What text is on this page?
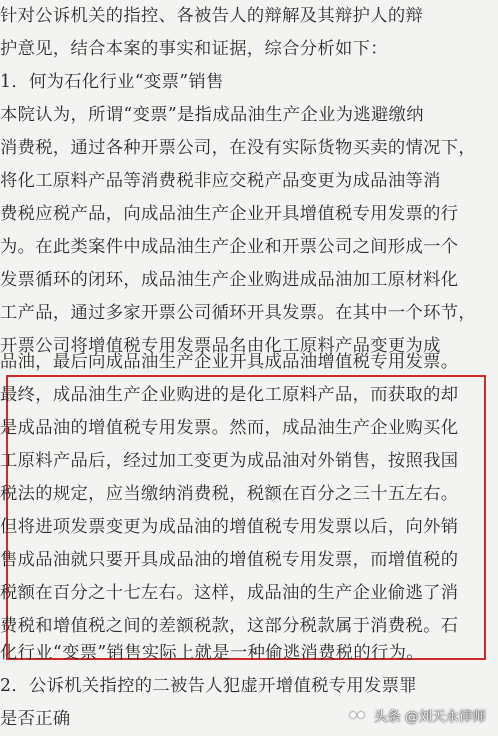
针对公诉机关的指控、各被告人的辩解及其辩护人的辩
护意见，结合本案的事实和证据，综合分析如下：
1．何为石化行业“变票”销售
本院认为，所谓“变票”是指成品油生产企业为逃避缴纳
消费税，通过各种开票公司，在没有实际货物买卖的情况下，
将化工原料产品等消费税非应交税产品变更为成品油等消
费税应税产品，向成品油生产企业开具增值税专用发票的行
为。在此类案件中成品油生产企业和开票公司之间形成一个
发票循环的闭环，成品油生产企业购进成品油加工原材料化
工产品，通过多家开票公司循环开具发票。在其中一个环节，
开票公司将增值税专用发票品名由化工原料产品变更为成
品油，最后向成品油生产企业开具成品油增值税专用发票。
最终，成品油生产企业购进的是化工原料产品，而获取的却
是成品油的增值税专用发票。然而，成品油生产企业购买化
工原料产品后，经过加工变更为成品油对外销售，按照我国
税法的规定，应当缴纳消费税，税额在百分之三十五左右。
但将进项发票变更为成品油的增值税专用发票以后，向外销
售成品油就只要开具成品油的增值税专用发票，而增值税的
税额在百分之十七左右。这样，成品油的生产企业偷逃了消
费税和增值税之间的差额税款，这部分税款属于消费税。石
化行业“变票”销售实际上就是一种偷逃消费税的行为。
2．公诉机关指控的二被告人犯虚开增值税专用发票罪
是否正确	头条 @刘天永律师
